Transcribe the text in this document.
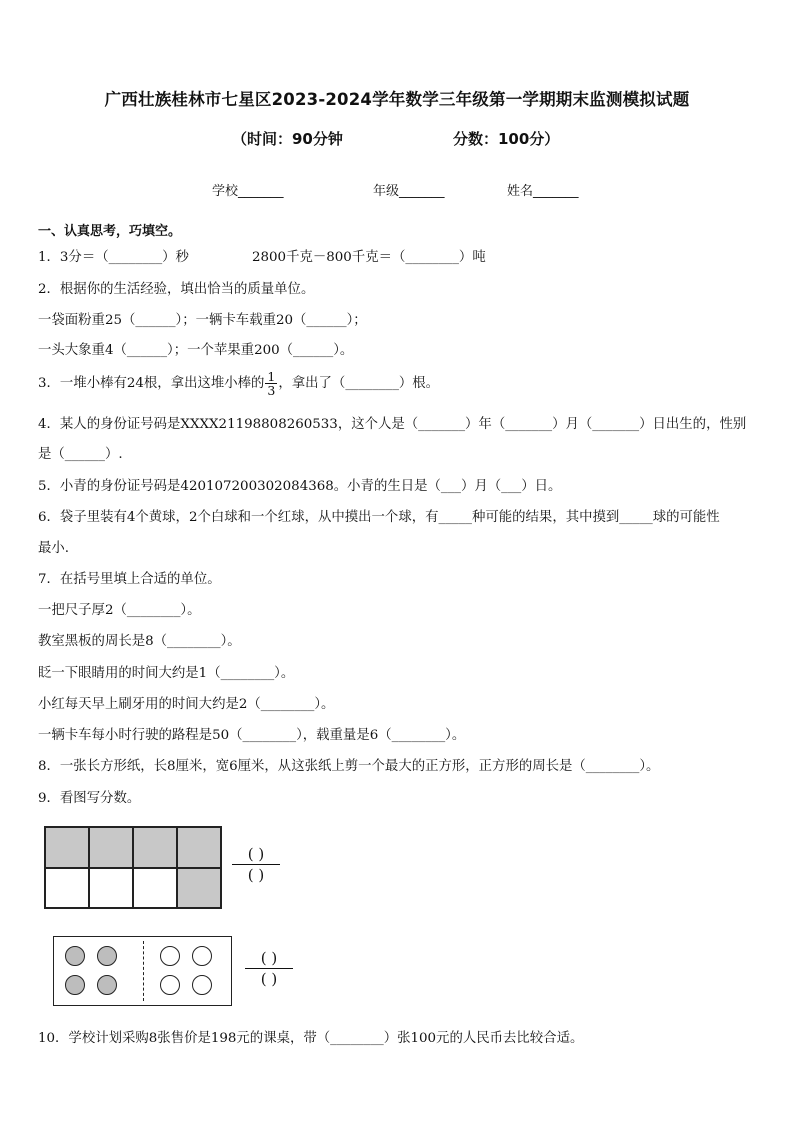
广西壮族桂林市七星区2023-2024学年数学三年级第一学期期末监测模拟试题
（时间：90分钟	分数：100分）
学校_______	年级_______	姓名_______
一、认真思考，巧填空。
1．3分＝（________）秒	2800千克－800千克＝（________）吨
2．根据你的生活经验，填出恰当的质量单位。
一袋面粉重25（______）；一辆卡车载重20（______）；
一头大象重4（______）；一个苹果重200（______）。
3．一堆小棒有24根，拿出这堆小棒的 $\frac{1}{3}$ ，拿出了（________）根。
4．某人的身份证号码是XXXX211988082605​33，这个人是（_______）年（_______）月（_______）日出生的，性别
是（______）.
5．小青的身份证号码是420107200302084368。小青的生日是（___）月（___）日。
6．袋子里装有4个黄球，2个白球和一个红球，从中摸出一个球，有_____种可能的结果，其中摸到_____球的可能性
最小.
7．在括号里填上合适的单位。
一把尺子厚2（________）。
教室黑板的周长是8（________）。
眨一下眼睛用的时间大约是1（________）。
小红每天早上刷牙用的时间大约是2（________）。
一辆卡车每小时行驶的路程是50（________），载重量是6（________）。
8．一张长方形纸，长8厘米，宽6厘米，从这张纸上剪一个最大的正方形，正方形的周长是（________）。
9．看图写分数。
( )
( )
( )
( )
10．学校计划采购8张售价是198元的课桌，带（________）张100元的人民币去比较合适。
